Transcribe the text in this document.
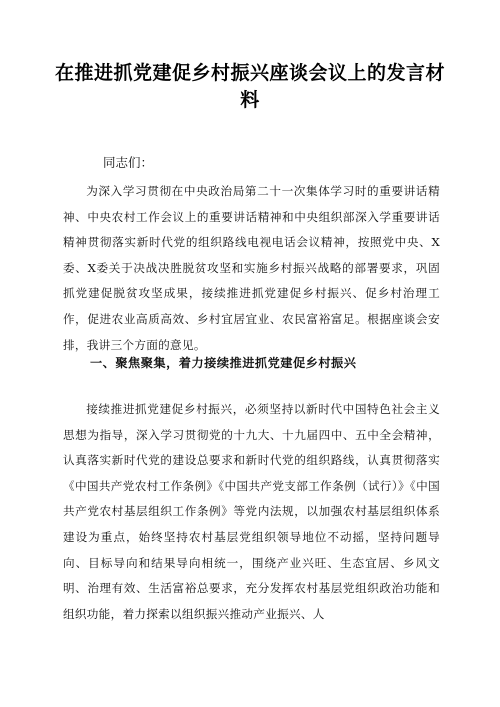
在推进抓党建促乡村振兴座谈会议上的发言材料

同志们：

为深入学习贯彻在中央政治局第二十一次集体学习时的重要讲话精神、中央农村工作会议上的重要讲话精神和中央组织部深入学重要讲话精神贯彻落实新时代党的组织路线电视电话会议精神，按照党中央、X委、X委关于决战决胜脱贫攻坚和实施乡村振兴战略的部署要求，巩固抓党建促脱贫攻坚成果，接续推进抓党建促乡村振兴、促乡村治理工作，促进农业高质高效、乡村宜居宜业、农民富裕富足。根据座谈会安排，我讲三个方面的意见。

一、聚焦聚集，着力接续推进抓党建促乡村振兴

接续推进抓党建促乡村振兴，必须坚持以新时代中国特色社会主义思想为指导，深入学习贯彻党的十九大、十九届四中、五中全会精神，认真落实新时代党的建设总要求和新时代党的组织路线，认真贯彻落实《中国共产党农村工作条例》《中国共产党支部工作条例（试行）》《中国共产党农村基层组织工作条例》等党内法规，以加强农村基层组织体系建设为重点，始终坚持农村基层党组织领导地位不动摇，坚持问题导向、目标导向和结果导向相统一，围绕产业兴旺、生态宜居、乡风文明、治理有效、生活富裕总要求，充分发挥农村基层党组织政治功能和组织功能，着力探索以组织振兴推动产业振兴、人
